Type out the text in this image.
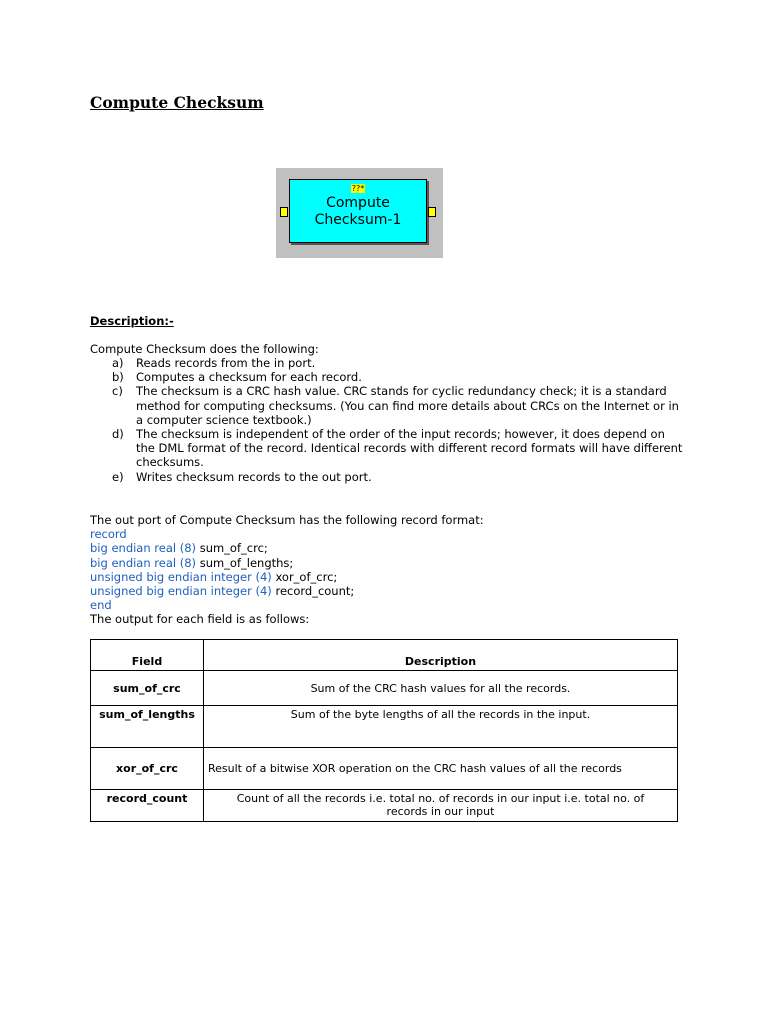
Compute Checksum
??*
Compute Checksum-1
Description:-

Compute Checksum does the following:

a)	Reads records from the in port.
b)	Computes a checksum for each record.
c)	The checksum is a CRC hash value. CRC stands for cyclic redundancy check; it is a standard method for computing checksums. (You can find more details about CRCs on the Internet or in a computer science textbook.)
d)	The checksum is independent of the order of the input records; however, it does depend on the DML format of the record. Identical records with different record formats will have different checksums.
e)	Writes checksum records to the out port.

The out port of Compute Checksum has the following record format:

record

big endian real (8) sum_of_crc;

big endian real (8) sum_of_lengths;

unsigned big endian integer (4) xor_of_crc;

unsigned big endian integer (4) record_count;

end

The output for each field is as follows:

Field	Description
sum_of_crc	Sum of the CRC hash values for all the records.
sum_of_lengths	Sum of the byte lengths of all the records in the input.
xor_of_crc	Result of a bitwise XOR operation on the CRC hash values of all the records
record_count	Count of all the records i.e. total no. of records in our input i.e. total no. of records in our input
